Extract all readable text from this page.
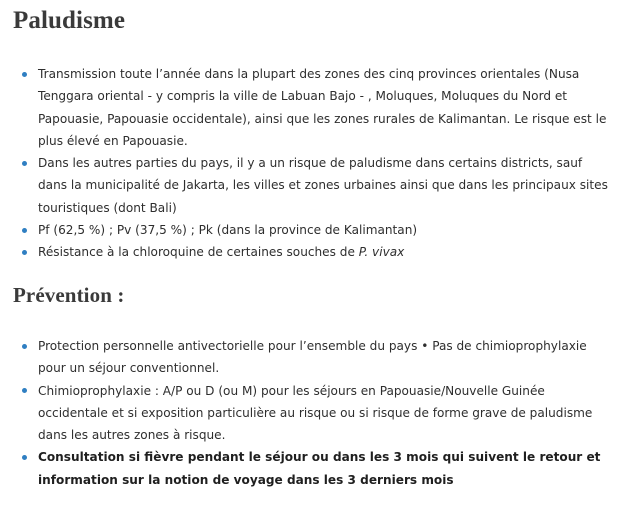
Paludisme
Transmission toute l’année dans la plupart des zones des cinq provinces orientales (Nusa Tenggara oriental - y compris la ville de Labuan Bajo - , Moluques, Moluques du Nord et Papouasie, Papouasie occidentale), ainsi que les zones rurales de Kalimantan. Le risque est le plus élevé en Papouasie.
Dans les autres parties du pays, il y a un risque de paludisme dans certains districts, sauf dans la municipalité de Jakarta, les villes et zones urbaines ainsi que dans les principaux sites touristiques (dont Bali)
Pf (62,5 %) ; Pv (37,5 %) ; Pk (dans la province de Kalimantan)
Résistance à la chloroquine de certaines souches de P. vivax
Prévention :
Protection personnelle antivectorielle pour l’ensemble du pays • Pas de chimioprophylaxie pour un séjour conventionnel.
Chimioprophylaxie : A/P ou D (ou M) pour les séjours en Papouasie/Nouvelle Guinée occidentale et si exposition particulière au risque ou si risque de forme grave de paludisme dans les autres zones à risque.
Consultation si fièvre pendant le séjour ou dans les 3 mois qui suivent le retour et information sur la notion de voyage dans les 3 derniers mois
